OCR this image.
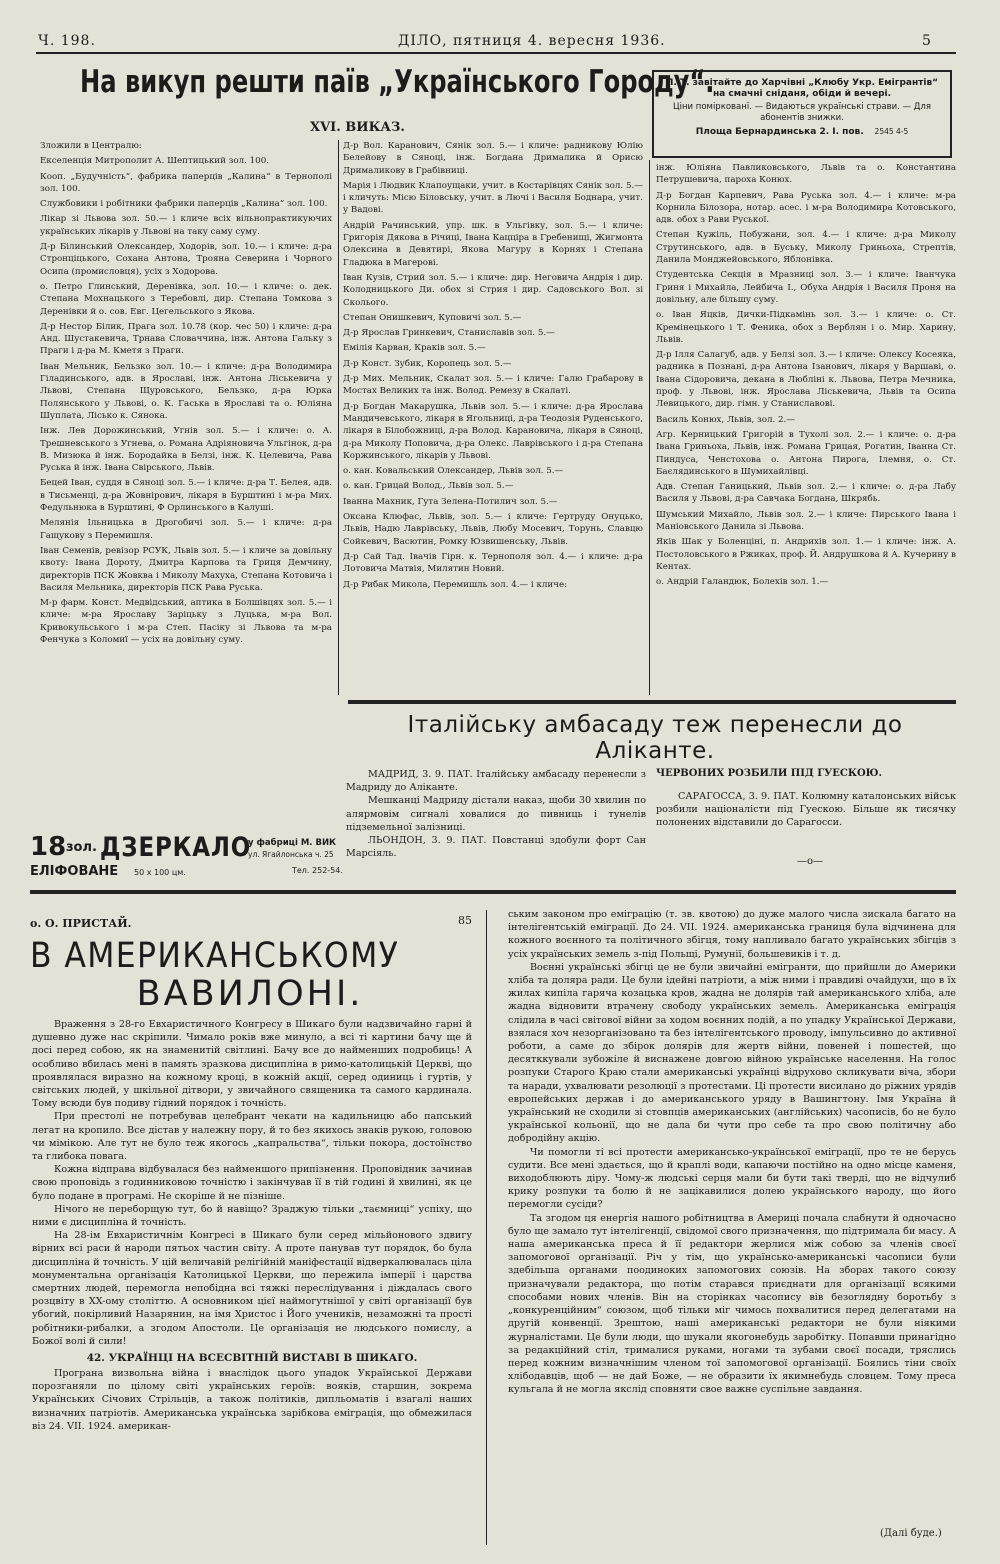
Ч. 198.	ДІЛО, пятниця 4. вересня 1936.	5
На викуп решти паїв „Українського Городу“.
XVI. ВИКАЗ.
П. Т. завітайте до Харчівні „Клюбу Укр. Емігрантів“ на смачні сніданя, обіди й вечері.
Ціни поміркованї. — Видаються українські страви. — Для абонентів знижки.
Площа Бернардинська 2. І. пов. 2545 4-5

Зложили в Централю:

Екселенція Митрополит А. Шептицький зол. 100.

Кооп. „Будучність“, фабрика паперців „Калина“ в Тернополі зол. 100.

Службовики і робітники фабрики паперців „Калина“ зол. 100.

Лікар зі Львова зол. 50.— і кличе всіх вільнопрактикуючих українських лікарів у Львові на таку саму суму.

Д-р Білинський Олександер, Ходорів, зол. 10.— і кличе: д-ра Стронціцького, Сохана Антона, Трояна Северина і Чорного Осипа (промисловця), усіх з Ходорова.

о. Петро Глинський, Деренівка, зол. 10.— і кличе: о. дек. Степана Мохнацького з Теребовлі, дир. Степана Томкова з Деренівки й о. сов. Евг. Цегельського з Якова.

Д-р Нестор Білик, Прага зол. 10.78 (кор. чес 50) і кличе: д-ра Анд. Шустакевича, Трнава Словаччина, інж. Антона Гальку з Праги і д-ра М. Кметя з Праги.

Іван Мельник, Бельзко зол. 10.— і кличе: д-ра Володимира Гіладинського, адв. в Ярославі, інж. Антона Ліськевича у Львові, Степана Щуровського, Бельзко, д-ра Юрка Полянського у Львові, о. К. Гаська в Ярославі та о. Юліяна Шуплата, Лісько к. Сянока.

Інж. Лев Дорожинський, Угнів зол. 5.— і кличе: о. А. Трешневського з Угнева, о. Романа Адріяновича Ульгінок, д-ра В. Мизюка й інж. Бородайка в Белзі, інж. К. Целевича, Рава Руська й інж. Івана Свірського, Львів.

Бецей Іван, суддя в Сяноці зол. 5.— і кличе: д-ра Т. Белея, адв. в Тисьменці, д-ра Жовнірович, лікаря в Бурштині і м-ра Мих. Федульнюка в Бурштині, Ф Орлинського в Калуші.

Мелянія Ільницька в Дрогобичі зол. 5.— і кличе: д-ра Гащукову з Перемишля.

Іван Семенів, ревізор РСУК, Львів зол. 5.— і кличе за довільну квоту: Івана Дороту, Дмитра Карпова та Гриця Демчину, директорів ПСК Жовква і Миколу Махуха, Степана Котовича і Василя Мельника, директорів ПСК Рава Руська.

М-р фарм. Конст. Медвідський, аптика в Болшівцях зол. 5.— і кличе: м-ра Ярославу Заріцьку з Луцька, м-ра Вол. Кривокульського і м-ра Степ. Пасіку зі Львова та м-ра Фенчука з Коломиї — усіх на довільну суму.

Д-р Вол. Каранович, Сянік зол. 5.— і кличе: радникову Юлію Белейову в Сяноці, інж. Богдана Дрималика й Орисю Дрималикову в Грабівниці.

Марія і Людвик Клапоущаки, учит. в Костарівцях Сянік зол. 5.— і кличуть: Місю Біловську, учит. в Лючі і Василя Боднара, учит. у Вадові.

Андрій Рачинський, упр. шк. в Ульгівку, зол. 5.— і кличе: Григорія Дякова в Річиці, Івана Кацціра в Гребенищі, Жигмонта Олексина в Девятирі, Якова Магуру в Корнях і Степана Гладюка в Магерові.

Іван Кузів, Стрий зол. 5.— і кличе: дир. Неговича Андрія і дир. Колодницького Ди. обох зі Стрия і дир. Садовського Вол. зі Сколього.

Степан Онишкевич, Куповичі зол. 5.—

Д-р Ярослав Гринкевич, Станиславів зол. 5.—

Емілія Карван, Краків зол. 5.—

Д-р Конст. Зубик, Коропець зол. 5.—

Д-р Мих. Мельник, Скалат зол. 5.— і кличе: Галю Грабарову в Мостах Великих та інж. Волод. Ремезу в Скалаті.

Д-р Богдан Макарушка, Львів зол. 5.— і кличе: д-ра Ярослава Мандичевського, лікаря в Ягольниці, д-ра Теодозія Руденського, лікаря в Білобожниці, д-ра Волод. Карановича, лікаря в Сяноці, д-ра Миколу Поповича, д-ра Олекс. Лаврівського і д-ра Степана Коржинського, лікарів у Львові.

о. кан. Ковальський Олександер, Львів зол. 5.—

о. кан. Грицай Волод., Львів зол. 5.—

Іванна Махник, Гута Зелена-Потилич зол. 5.—

Оксана Клюфас, Львів, зол. 5.— і кличе: Гертруду Онуцько, Львів, Надю Лаврівську, Львів, Любу Мосевич, Торунь, Славцю Сойкевич, Васютин, Ромку Юзвишенську, Львів.

Д-р Сай Тад. Івачів Гірн. к. Тернополя зол. 4.— і кличе: д-ра Лотовича Матвія, Милятин Новий.

Д-р Рибак Микола, Перемишль зол. 4.— і кличе:

інж. Юліяна Павликовського, Львів та о. Константина Петрушевича, пароха Конюх.

Д-р Богдан Карпевич, Рава Руська зол. 4.— і кличе: м-ра Корнила Білозора, нотар. асес. і м-ра Володимира Котовського, адв. обох з Рави Руської.

Степан Кужіль, Побужани, зол. 4.— і кличе: д-ра Миколу Струтинського, адв. в Буську, Миколу Гриньоха, Стрептів, Данила Монджейовського, Яблонівка.

Студентська Секція в Мразниці зол. 3.— і кличе: Іванчука Гриня і Михайла, Лейбича І., Обуха Андрія і Василя Проня на довільну, але більшу суму.

о. Іван Яцків, Дички-Підкамінь зол. 3.— і кличе: о. Ст. Кремінецького і Т. Феника, обох з Верблян і о. Мир. Харину, Львів.

Д-р Ілля Салагуб, адв. у Белзі зол. 3.— і кличе: Олексу Косеяка, радника в Познані, д-ра Антона Ізанович, лікаря у Варшаві, о. Івана Сідоровича, декана в Любліні к. Львова, Петра Мечника, проф. у Львові, інж. Ярослава Ліськевича, Львів та Осипа Левицького, дир. гімн. у Станиславові.

Василь Конюх, Львів, зол. 2.—

Агр. Керницький Григорій в Тухолі зол. 2.— і кличе: о. д-ра Івана Гриньоха, Львів, інж. Романа Грицая, Рогатин, Іванна Ст. Пиндуса, Ченстохова о. Антона Пирога, Ілемня, о. Ст. Баєлядинського в Шумихайлівці.

Адв. Степан Ганицький, Львів зол. 2.— і кличе: о. д-ра Лабу Василя у Львові, д-ра Савчака Богдана, Шкрябь.

Шумський Михайло, Львів зол. 2.— і кличе: Пирського Івана і Маніовського Данила зі Львова.

Яків Шак у Боленціні, п. Андрихів зол. 1.— і кличе: інж. А. Постоловського в Ржиках, проф. Й. Андрушкова й А. Кучерину в Кентах.

о. Андрій Галандюк, Болехів зол. 1.—

18 зол. ДЗЕРКАЛО
ЕЛІФОВАНЕ 50 x 100 цм.
у фабриці М. ВИК
ул. Ягайлонська ч. 25
Тел. 252-54.
Італійську амбасаду теж перенесли до Аліканте.

МАДРИД, 3. 9. ПАТ. Італійську амбасаду перенесли з Мадриду до Аліканте.

Мешканці Мадриду дістали наказ, щоби 30 хвилин по алярмовім сигналі ховалися до пивниць і тунелів підземельної залізниці.

ЛЬОНДОН, 3. 9. ПАТ. Повстанці здобули форт Сан Марсіяль.

ЧЕРВОНИХ РОЗБИЛИ ПІД ГУЕСКОЮ.

САРАГОССА, 3. 9. ПАТ. Колюмну каталонських військ розбили націоналісти під Гуескою. Більше як тисячку полонених відставили до Сарагосси.

—o—
о. О. ПРИСТАЙ.	85
В АМЕРИКАНСЬКОМУ
ВАВИЛОНІ.

Враження з 28-го Евхаристичного Конгресу в Шикаго були надзвичайно гарні й душевно дуже нас скріпили. Чимало років вже минуло, а всі ті картини бачу ще й досі перед собою, як на знаменитій світлині. Бачу все до найменших подробиць! А особливо вбилась мені в память зразкова дисципліна в римо-католицькій Церкві, що проявлялася виразно на кожному кроці, в кожній акції, серед одиниць і гуртів, у світських людей, у шкільної дітвори, у звичайного священика та самого кардинала. Тому всюди був подиву гідний порядок і точність.

При престолі не потребував целебрант чекати на кадильницю або папський легат на кропило. Все дістав у належну пору, й то без якихось знаків рукою, головою чи мімікою. Але тут не було теж якогось „капральства“, тільки покора, достоїнство та глибока повага.

Кожна відправа відбувалася без найменшого припізнення. Проповідник зачинав свою проповідь з годинниковою точністю і закінчував її в тій годині й хвилині, як це було подане в програмі. Не скоріше й не пізніше.

Нічого не переборщую тут, бо й навіщо? Зраджую тільки „таємниці“ успіху, що ними є дисципліна й точність.

На 28-ім Евхаристичнім Конгресі в Шикаго були серед мільйонового здвигу вірних всі раси й народи пятьох частин світу. А проте панував тут порядок, бо була дисципліна й точність. У цій величавій релігійній маніфестації відверкалювалась ціла монументальна організація Католицької Церкви, що пережила імперії і царства смертних людей, перемогла непобідна всі тяжкі переслідування і діждалась свого розцвіту в XX-ому століттю. А основником цієї наймогутнішої у світі організації був убогий, покірливий Назарянин, на імя Христос і Його учеників, незаможні та прості робітники-рибалки, а згодом Апостоли. Це організація не людського помислу, а Божої волі й сили!

42. УКРАЇНЦІ НА ВСЕСВІТНІЙ ВИСТАВІ В ШИКАГО.

Програна визвольна війна і внаслідок цього упадок Української Держави порозганяли по цілому світі українських героїв: вояків, старшин, зокрема Українських Січових Стрільців, а також політиків, дипльоматів і взагалі наших визначних патріотів. Американська українська зарібкова еміграція, що обмежилася віз 24. VII. 1924. американ-

ським законом про еміграцію (т. зв. квотою) до дуже малого числа зискала багато на інтелігентській еміграції. До 24. VII. 1924. американська границя була відчинена для кожного воєнного та політичного збігця, тому напливало багато українських збігців з усіх українських земель з-під Польщі, Румунії, большевиків і т. д.

Воєнні українські збігці це не були звичайні емігранти, що прийшли до Америки хліба та доляра ради. Це були ідейні патріоти, а між ними і правдиві очайдухи, що в їх жилах кипіла гаряча козацька кров, жадна не долярів тай американського хліба, але жадна відновити втрачену свободу українських земель. Американська еміграція слідила в часі світової війни за ходом воєнних подій, а по упадку Української Держави, взялася хоч незорганізовано та без інтелігентського проводу, імпульсивно до активної роботи, а саме до збірок долярів для жертв війни, повеней і пошестей, що десятккували зубожіле й виснажене довгою війною українське населення. На голос розпуки Старого Краю стали американські українці відрухово скликувати віча, збори та наради, ухвалювати резолюції з протестами. Ці протести висилано до ріжних урядів европейських держав і до американського уряду в Вашингтону. Імя Україна й український не сходили зі стовпців американських (англійських) часописів, бо не було української кольонії, що не дала би чути про себе та про свою політичну або добродійну акцію.

Чи помогли ті всі протести американсько-української еміграції, про те не берусь судити. Все мені здається, що й краплі води, капаючи постійно на одно місце каменя, виходоблюють діру. Чому-ж людські серця мали би бути такі тверді, що не відчулиб крику розпуки та болю й не зацікавилися долею українського народу, що його перемогли сусіди?

Та згодом ця енергія нашого робітництва в Америці почала слабнути й одночасно було ще замало тут інтелігенції, свідомої свого призначення, що підтримала би масу. А наша американська преса й її редактори жерлися між собою за членів своєї запомогової організації. Річ у тім, що українсько-американські часописи були здебільша органами поодиноких запомогових союзів. На зборах такого союзу призначували редактора, що потім старався приєднати для організації всякими способами нових членів. Він на сторінках часопису вів безоглядну боротьбу з „конкуренційним“ союзом, щоб тільки міг чимось похвалитися перед делегатами на другій конвенції. Зрештою, наші американські редактори не були ніякими журналістами. Це були люди, що шукали якогонебудь заробітку. Попавши принагідно за редакційний стіл, трималися руками, ногами та зубами своєї посади, тряслись перед кожним визначнішим членом тої запомогової організації. Боялись тіни своїх хлібодавців, щоб — не дай Боже, — не образити їх якимнебудь словцем. Тому преса кульгала й не могла якслід сповняти свое важне суспільне завдання.

(Далі буде.)
